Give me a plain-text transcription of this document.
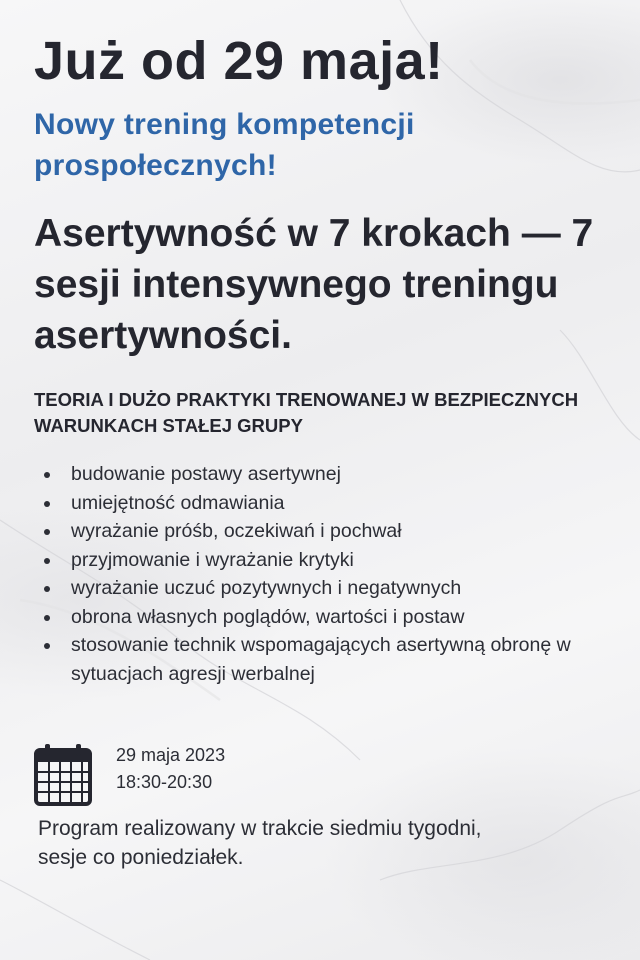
Już od 29 maja!
Nowy trening kompetencji prospołecznych!
Asertywność w 7 krokach — 7 sesji intensywnego treningu asertywności.
TEORIA I DUŻO PRAKTYKI TRENOWANEJ W BEZPIECZNYCH WARUNKACH STAŁEJ GRUPY
budowanie postawy asertywnej
umiejętność odmawiania
wyrażanie próśb, oczekiwań i pochwał
przyjmowanie i wyrażanie krytyki
wyrażanie uczuć pozytywnych i negatywnych
obrona własnych poglądów, wartości i postaw
stosowanie technik wspomagających asertywną obronę w sytuacjach agresji werbalnej
29 maja 2023
18:30-20:30
Program realizowany w trakcie siedmiu tygodni, sesje co poniedziałek.
